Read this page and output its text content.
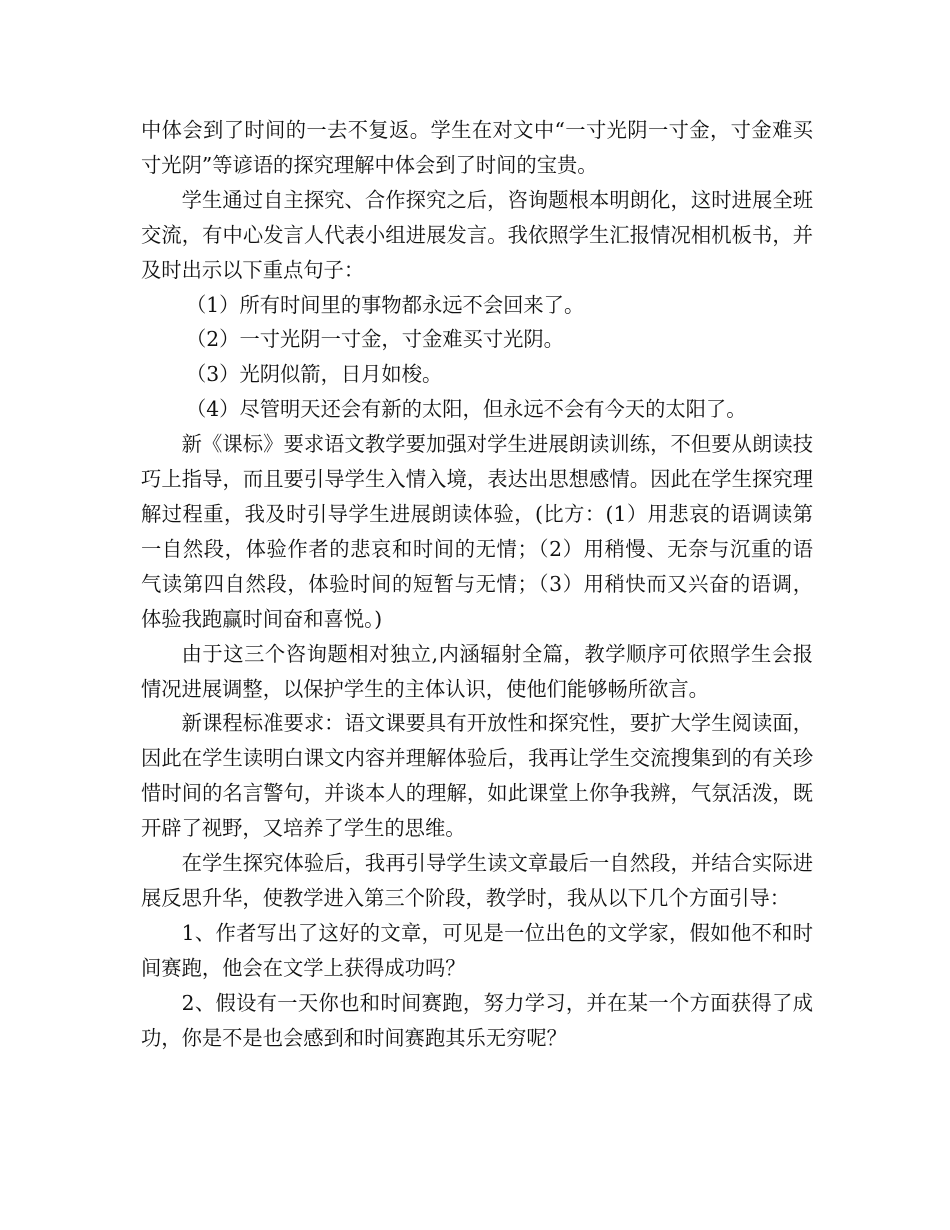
中体会到了时间的一去不复返。学生在对文中“一寸光阴一寸金，寸金难买寸光阴”等谚语的探究理解中体会到了时间的宝贵。

学生通过自主探究、合作探究之后，咨询题根本明朗化，这时进展全班交流，有中心发言人代表小组进展发言。我依照学生汇报情况相机板书，并及时出示以下重点句子：

（1）所有时间里的事物都永远不会回来了。

（2）一寸光阴一寸金，寸金难买寸光阴。

（3）光阴似箭，日月如梭。

（4）尽管明天还会有新的太阳，但永远不会有今天的太阳了。

新《课标》要求语文教学要加强对学生进展朗读训练，不但要从朗读技巧上指导，而且要引导学生入情入境，表达出思想感情。因此在学生探究理解过程重，我及时引导学生进展朗读体验，(比方：(1）用悲哀的语调读第一自然段，体验作者的悲哀和时间的无情；（2）用稍慢、无奈与沉重的语气读第四自然段，体验时间的短暂与无情；（3）用稍快而又兴奋的语调，体验我跑赢时间奋和喜悦。)

由于这三个咨询题相对独立,内涵辐射全篇，教学顺序可依照学生会报情况进展调整，以保护学生的主体认识，使他们能够畅所欲言。

新课程标准要求：语文课要具有开放性和探究性，要扩大学生阅读面，因此在学生读明白课文内容并理解体验后，我再让学生交流搜集到的有关珍惜时间的名言警句，并谈本人的理解，如此课堂上你争我辨，气氛活泼，既开辟了视野，又培养了学生的思维。

在学生探究体验后，我再引导学生读文章最后一自然段，并结合实际进展反思升华，使教学进入第三个阶段，教学时，我从以下几个方面引导：

1、作者写出了这好的文章，可见是一位出色的文学家，假如他不和时间赛跑，他会在文学上获得成功吗？

2、假设有一天你也和时间赛跑，努力学习，并在某一个方面获得了成功，你是不是也会感到和时间赛跑其乐无穷呢？
